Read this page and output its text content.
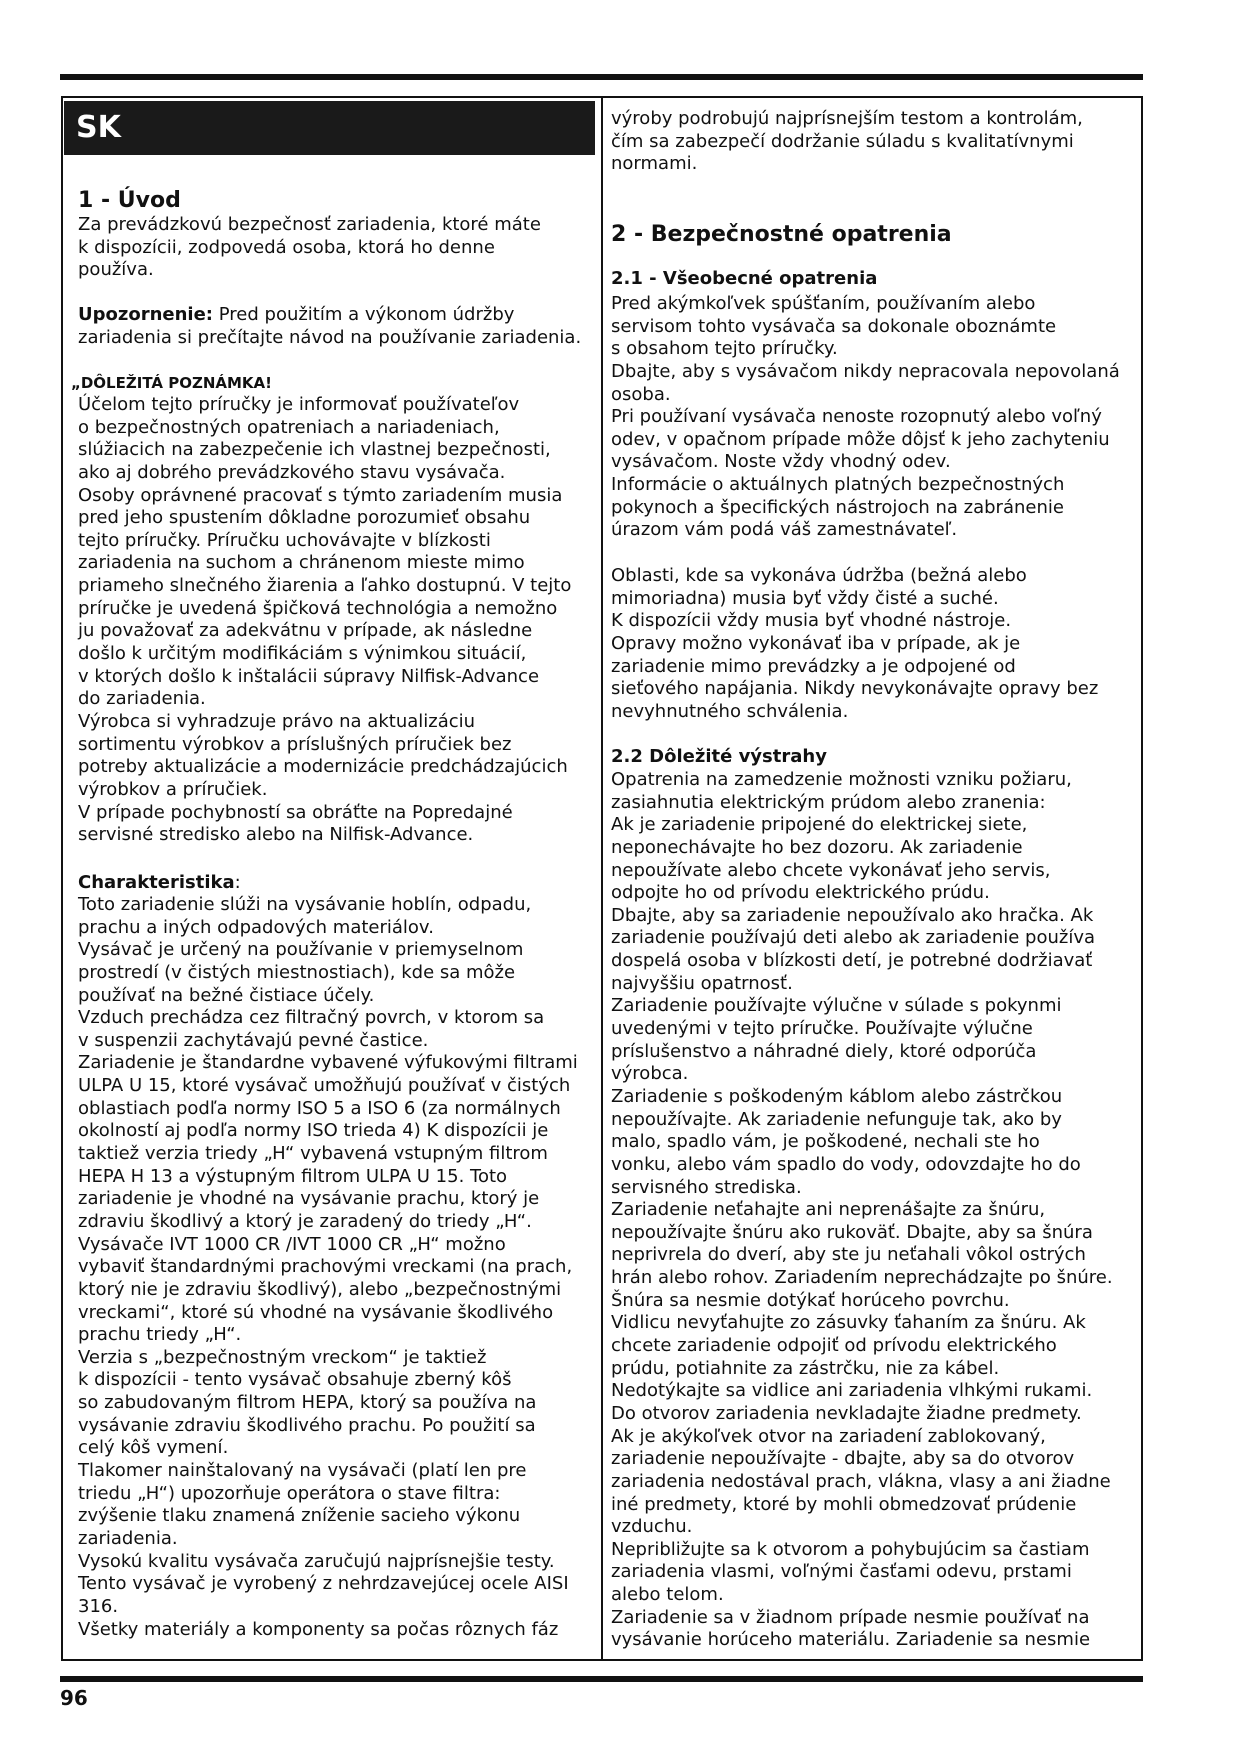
SK
1 - Úvod
Za prevádzkovú bezpečnosť zariadenia, ktoré máte
k dispozícii, zodpovedá osoba, ktorá ho denne
používa.
Upozornenie: Pred použitím a výkonom údržby
zariadenia si prečítajte návod na používanie zariadenia.
„DÔLEŽITÁ POZNÁMKA!
Účelom tejto príručky je informovať používateľov
o bezpečnostných opatreniach a nariadeniach,
slúžiacich na zabezpečenie ich vlastnej bezpečnosti,
ako aj dobrého prevádzkového stavu vysávača.
Osoby oprávnené pracovať s týmto zariadením musia
pred jeho spustením dôkladne porozumieť obsahu
tejto príručky. Príručku uchovávajte v blízkosti
zariadenia na suchom a chránenom mieste mimo
priameho slnečného žiarenia a ľahko dostupnú. V tejto
príručke je uvedená špičková technológia a nemožno
ju považovať za adekvátnu v prípade, ak následne
došlo k určitým modifikáciám s výnimkou situácií,
v ktorých došlo k inštalácii súpravy Nilfisk-Advance
do zariadenia.
Výrobca si vyhradzuje právo na aktualizáciu
sortimentu výrobkov a príslušných príručiek bez
potreby aktualizácie a modernizácie predchádzajúcich
výrobkov a príručiek.
V prípade pochybností sa obráťte na Popredajné
servisné stredisko alebo na Nilfisk-Advance.
Charakteristika:
Toto zariadenie slúži na vysávanie hoblín, odpadu,
prachu a iných odpadových materiálov.
Vysávač je určený na používanie v priemyselnom
prostredí (v čistých miestnostiach), kde sa môže
používať na bežné čistiace účely.
Vzduch prechádza cez filtračný povrch, v ktorom sa
v suspenzii zachytávajú pevné častice.
Zariadenie je štandardne vybavené výfukovými filtrami
ULPA U 15, ktoré vysávač umožňujú používať v čistých
oblastiach podľa normy ISO 5 a ISO 6 (za normálnych
okolností aj podľa normy ISO trieda 4) K dispozícii je
taktiež verzia triedy „H“ vybavená vstupným filtrom
HEPA H 13 a výstupným filtrom ULPA U 15. Toto
zariadenie je vhodné na vysávanie prachu, ktorý je
zdraviu škodlivý a ktorý je zaradený do triedy „H“.
Vysávače IVT 1000 CR /IVT 1000 CR „H“ možno
vybaviť štandardnými prachovými vreckami (na prach,
ktorý nie je zdraviu škodlivý), alebo „bezpečnostnými
vreckami“, ktoré sú vhodné na vysávanie škodlivého
prachu triedy „H“.
Verzia s „bezpečnostným vreckom“ je taktiež
k dispozícii - tento vysávač obsahuje zberný kôš
so zabudovaným filtrom HEPA, ktorý sa používa na
vysávanie zdraviu škodlivého prachu. Po použití sa
celý kôš vymení.
Tlakomer nainštalovaný na vysávači (platí len pre
triedu „H“) upozorňuje operátora o stave filtra:
zvýšenie tlaku znamená zníženie sacieho výkonu
zariadenia.
Vysokú kvalitu vysávača zaručujú najprísnejšie testy.
Tento vysávač je vyrobený z nehrdzavejúcej ocele AISI
316.
Všetky materiály a komponenty sa počas rôznych fáz
výroby podrobujú najprísnejším testom a kontrolám,
čím sa zabezpečí dodržanie súladu s kvalitatívnymi
normami.
2 - Bezpečnostné opatrenia
2.1 - Všeobecné opatrenia
Pred akýmkoľvek spúšťaním, používaním alebo
servisom tohto vysávača sa dokonale oboznámte
s obsahom tejto príručky.
Dbajte, aby s vysávačom nikdy nepracovala nepovolaná
osoba.
Pri používaní vysávača nenoste rozopnutý alebo voľný
odev, v opačnom prípade môže dôjsť k jeho zachyteniu
vysávačom. Noste vždy vhodný odev.
Informácie o aktuálnych platných bezpečnostných
pokynoch a špecifických nástrojoch na zabránenie
úrazom vám podá váš zamestnávateľ.
Oblasti, kde sa vykonáva údržba (bežná alebo
mimoriadna) musia byť vždy čisté a suché.
K dispozícii vždy musia byť vhodné nástroje.
Opravy možno vykonávať iba v prípade, ak je
zariadenie mimo prevádzky a je odpojené od
sieťového napájania. Nikdy nevykonávajte opravy bez
nevyhnutného schválenia.
2.2 Dôležité výstrahy
Opatrenia na zamedzenie možnosti vzniku požiaru,
zasiahnutia elektrickým prúdom alebo zranenia:
Ak je zariadenie pripojené do elektrickej siete,
neponechávajte ho bez dozoru. Ak zariadenie
nepoužívate alebo chcete vykonávať jeho servis,
odpojte ho od prívodu elektrického prúdu.
Dbajte, aby sa zariadenie nepoužívalo ako hračka. Ak
zariadenie používajú deti alebo ak zariadenie používa
dospelá osoba v blízkosti detí, je potrebné dodržiavať
najvyššiu opatrnosť.
Zariadenie používajte výlučne v súlade s pokynmi
uvedenými v tejto príručke. Používajte výlučne
príslušenstvo a náhradné diely, ktoré odporúča
výrobca.
Zariadenie s poškodeným káblom alebo zástrčkou
nepoužívajte. Ak zariadenie nefunguje tak, ako by
malo, spadlo vám, je poškodené, nechali ste ho
vonku, alebo vám spadlo do vody, odovzdajte ho do
servisného strediska.
Zariadenie neťahajte ani neprenášajte za šnúru,
nepoužívajte šnúru ako rukoväť. Dbajte, aby sa šnúra
neprivrela do dverí, aby ste ju neťahali vôkol ostrých
hrán alebo rohov. Zariadením neprechádzajte po šnúre.
Šnúra sa nesmie dotýkať horúceho povrchu.
Vidlicu nevyťahujte zo zásuvky ťahaním za šnúru. Ak
chcete zariadenie odpojiť od prívodu elektrického
prúdu, potiahnite za zástrčku, nie za kábel.
Nedotýkajte sa vidlice ani zariadenia vlhkými rukami.
Do otvorov zariadenia nevkladajte žiadne predmety.
Ak je akýkoľvek otvor na zariadení zablokovaný,
zariadenie nepoužívajte - dbajte, aby sa do otvorov
zariadenia nedostával prach, vlákna, vlasy a ani žiadne
iné predmety, ktoré by mohli obmedzovať prúdenie
vzduchu.
Nepribližujte sa k otvorom a pohybujúcim sa častiam
zariadenia vlasmi, voľnými časťami odevu, prstami
alebo telom.
Zariadenie sa v žiadnom prípade nesmie používať na
vysávanie horúceho materiálu. Zariadenie sa nesmie
96
